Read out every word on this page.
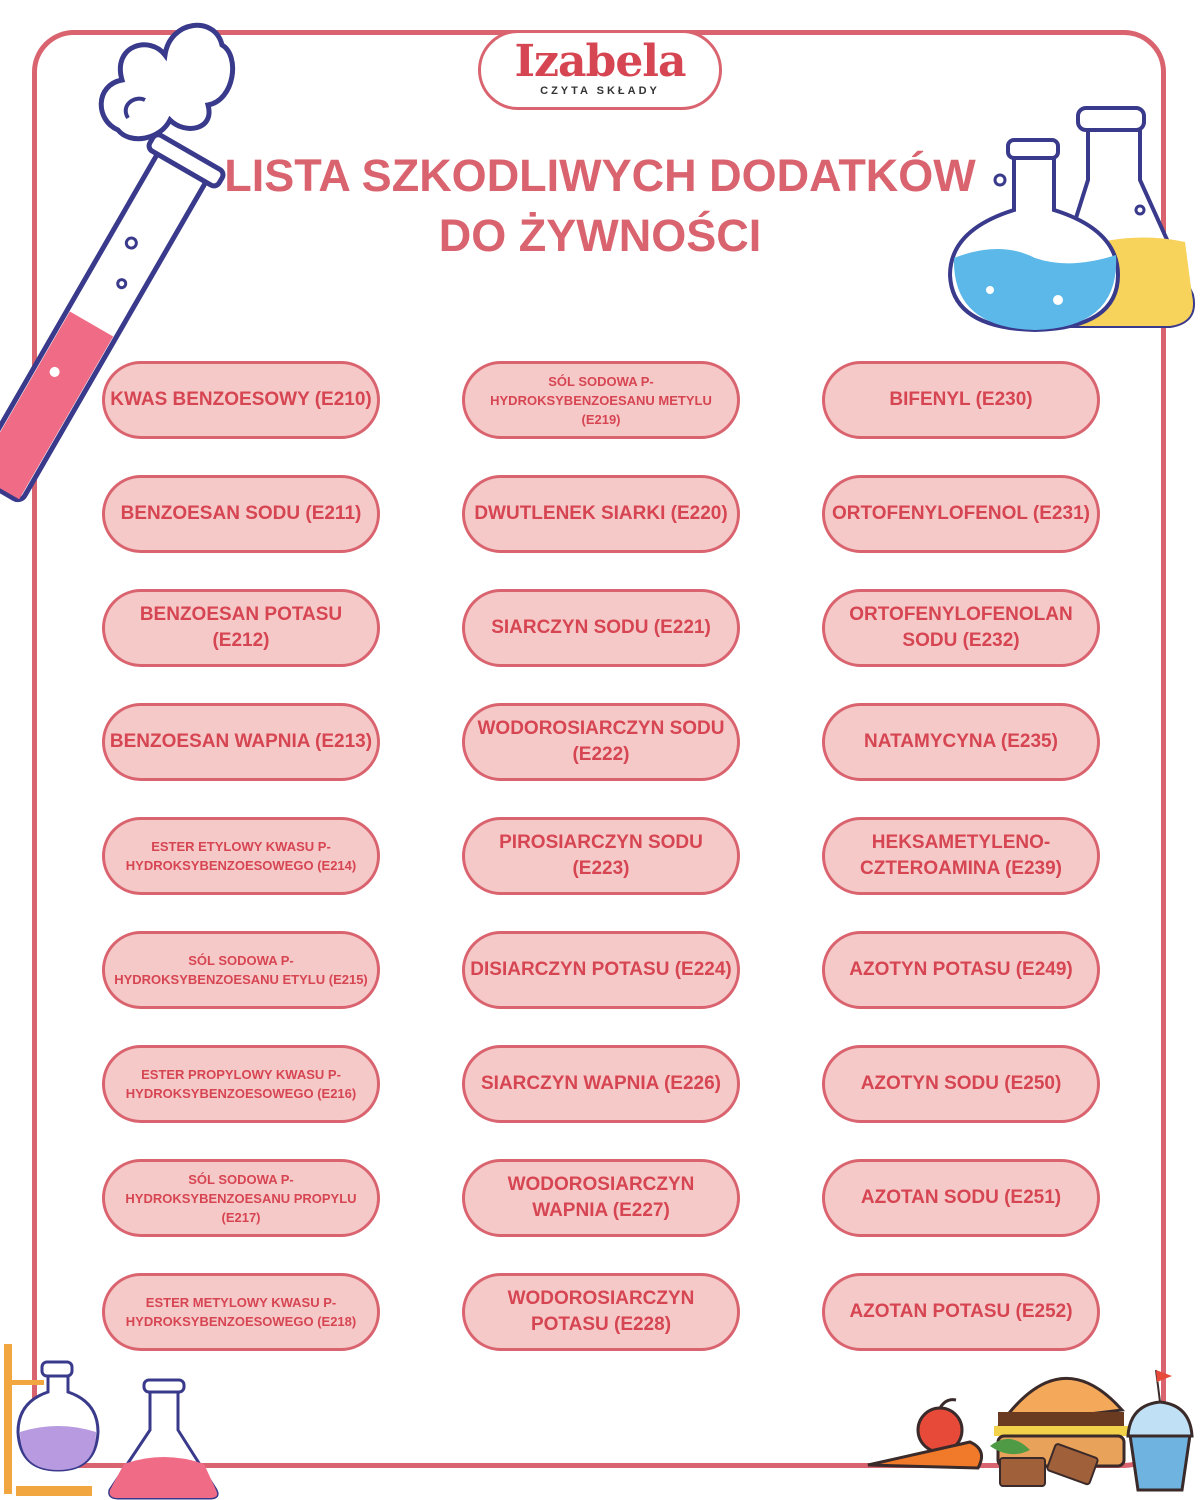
Izabela
CZYTA SKŁADY
LISTA SZKODLIWYCH DODATKÓW
DO ŻYWNOŚCI
KWAS BENZOESOWY (E210)
BENZOESAN SODU (E211)
BENZOESAN POTASU (E212)
BENZOESAN WAPNIA (E213)
ESTER ETYLOWY KWASU P-HYDROKSYBENZOESOWEGO (E214)
SÓL SODOWA P-HYDROKSYBENZOESANU ETYLU (E215)
ESTER PROPYLOWY KWASU P-HYDROKSYBENZOESOWEGO (E216)
SÓL SODOWA P-HYDROKSYBENZOESANU PROPYLU (E217)
ESTER METYLOWY KWASU P-HYDROKSYBENZOESOWEGO (E218)
SÓL SODOWA P-HYDROKSYBENZOESANU METYLU (E219)
DWUTLENEK SIARKI (E220)
SIARCZYN SODU (E221)
WODOROSIARCZYN SODU (E222)
PIROSIARCZYN SODU (E223)
DISIARCZYN POTASU (E224)
SIARCZYN WAPNIA (E226)
WODOROSIARCZYN WAPNIA (E227)
WODOROSIARCZYN POTASU (E228)
BIFENYL (E230)
ORTOFENYLOFENOL (E231)
ORTOFENYLOFENOLAN SODU (E232)
NATAMYCYNA (E235)
HEKSAMETYLENO-CZTEROAMINA (E239)
AZOTYN POTASU (E249)
AZOTYN SODU (E250)
AZOTAN SODU (E251)
AZOTAN POTASU (E252)
